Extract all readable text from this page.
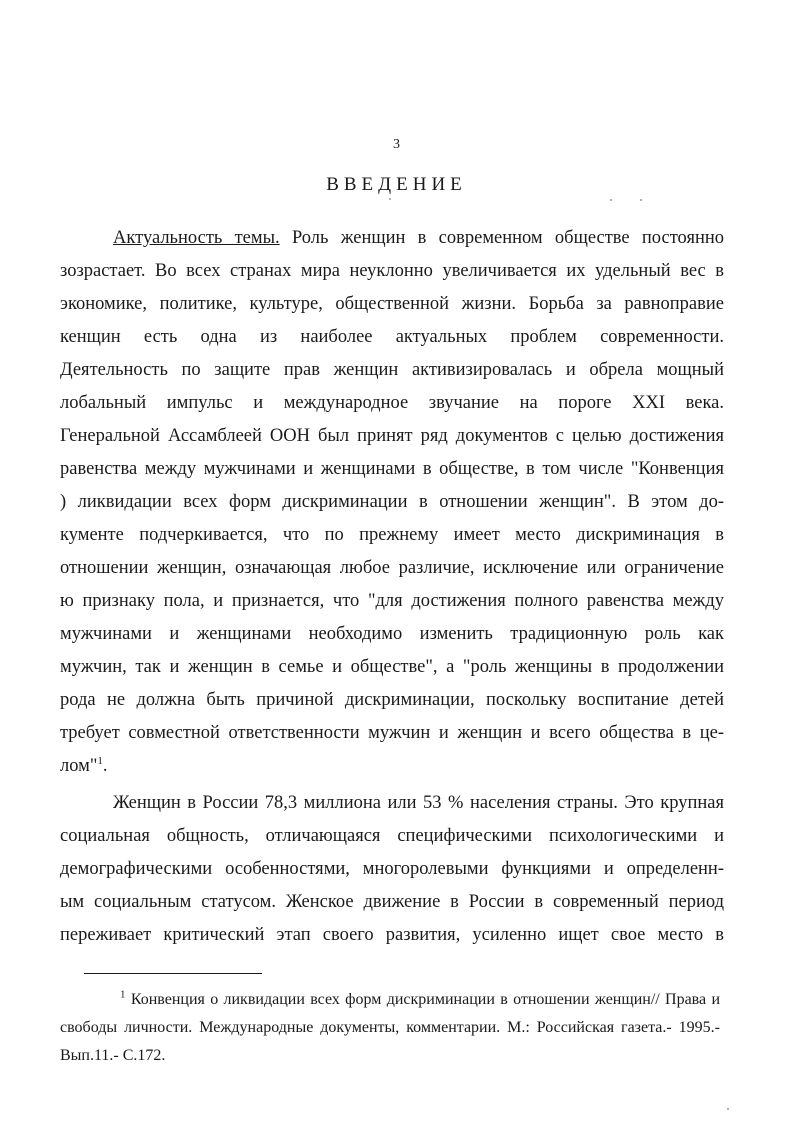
3
ВВЕДЕНИЕ
Актуальность темы. Роль женщин в современном обществе постоянно
зозрастает. Во всех странах мира неуклонно увеличивается их удельный вес в
экономике, политике, культуре, общественной жизни. Борьба за равноправие
кенщин есть одна из наиболее актуальных проблем современности.
Деятельность по защите прав женщин активизировалась и обрела мощный
лобальный импульс и международное звучание на пороге XXI века.
Генеральной Ассамблеей ООН был принят ряд документов с целью достижения
равенства между мужчинами и женщинами в обществе, в том числе "Конвенция
) ликвидации всех форм дискриминации в отношении женщин". В этом до-
кументе подчеркивается, что по прежнему имеет место дискриминация в
отношении женщин, означающая любое различие, исключение или ограничение
ю признаку пола, и признается, что "для достижения полного равенства между
мужчинами и женщинами необходимо изменить традиционную роль как
мужчин, так и женщин в семье и обществе", а "роль женщины в продолжении
рода не должна быть причиной дискриминации, поскольку воспитание детей
требует совместной ответственности мужчин и женщин и всего общества в це-
лом"$^1$.
Женщин в России 78,3 миллиона или 53 % населения страны. Это крупная
социальная общность, отличающаяся специфическими психологическими и
демографическими особенностями, многоролевыми функциями и определенн-
ым социальным статусом. Женское движение в России в современный период
переживает критический этап своего развития, усиленно ищет свое место в
$^1$ Конвенция о ликвидации всех форм дискриминации в отношении женщин// Права и
свободы личности. Международные документы, комментарии. М.: Российская газета.- 1995.-
Вып.11.- С.172.
